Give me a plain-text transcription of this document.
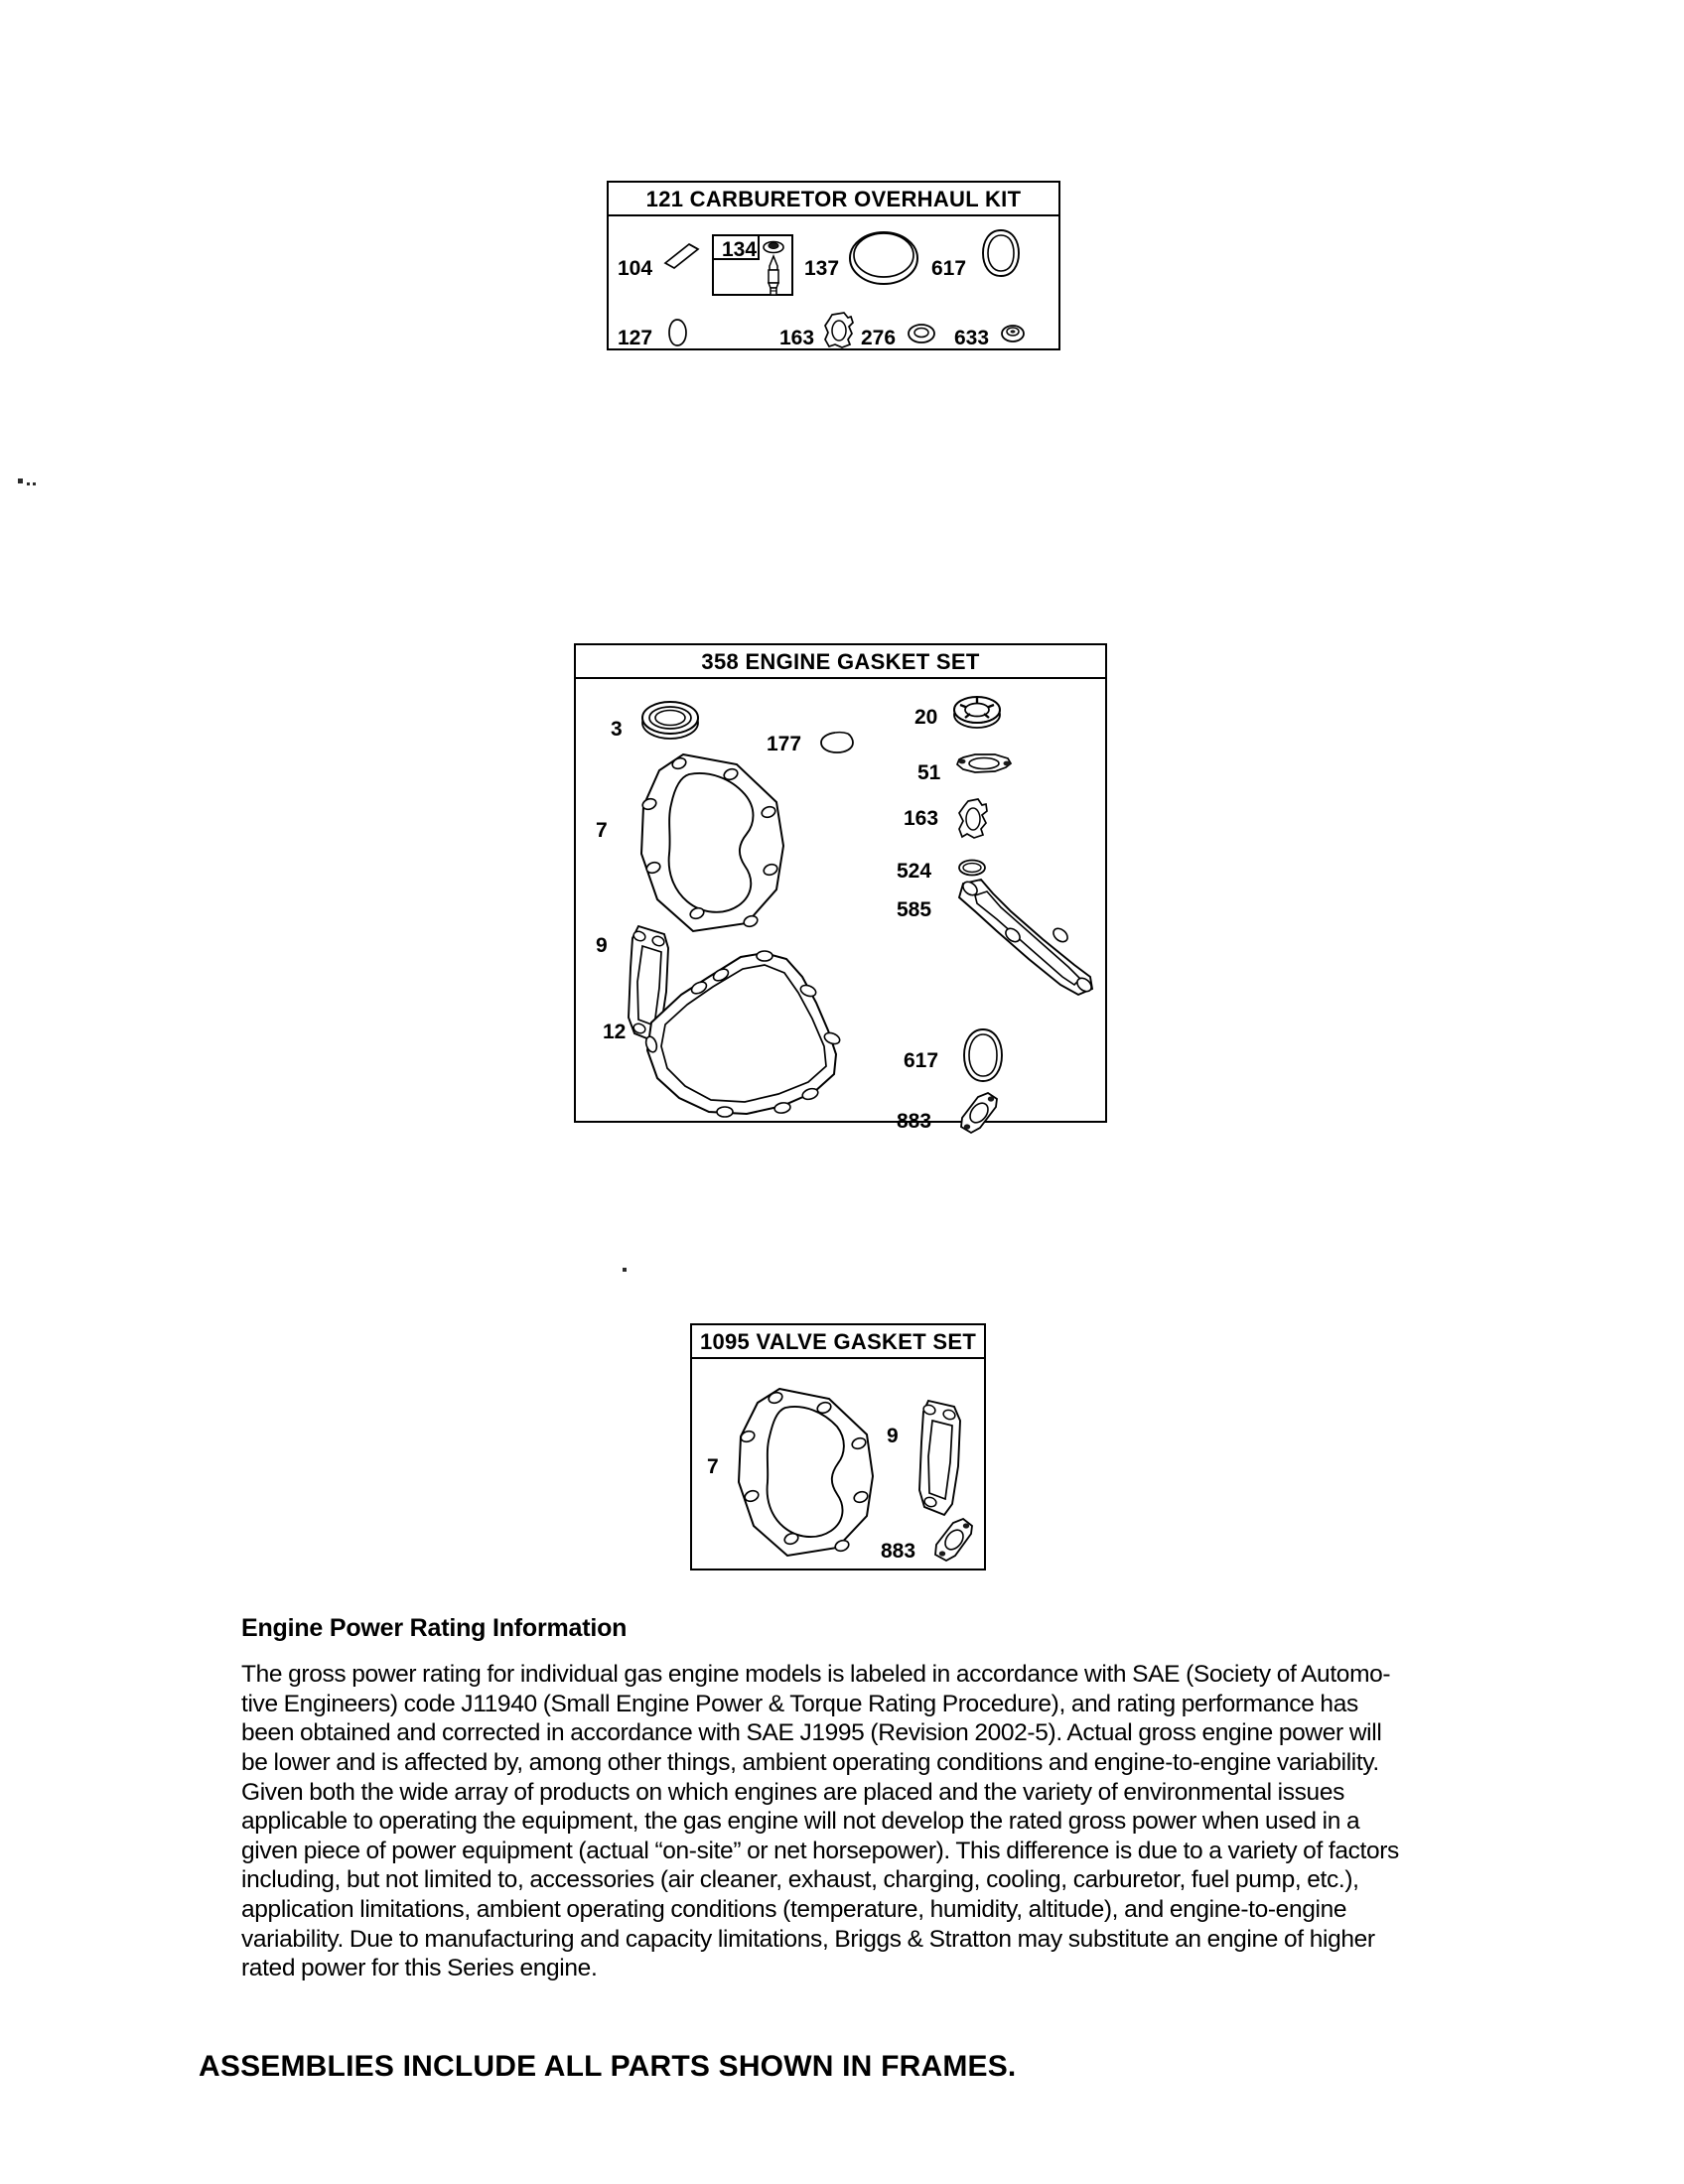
121 CARBURETOR OVERHAUL KIT
104
134
137	617
127	163 276	633
358 ENGINE GASKET SET
3
20
177
51
7
163
524
9
585
12
617
883
1095 VALVE GASKET SET
7
9
883

Engine Power Rating Information

The gross power rating for individual gas engine models is labeled in accordance with SAE (Society of Automo-tive Engineers) code J11940 (Small Engine Power & Torque Rating Procedure), and rating performance has been obtained and corrected in accordance with SAE J1995 (Revision 2002-5). Actual gross engine power will be lower and is affected by, among other things, ambient operating conditions and engine-to-engine variability. Given both the wide array of products on which engines are placed and the variety of environmental issues applicable to operating the equipment, the gas engine will not develop the rated gross power when used in a given piece of power equipment (actual “on-site” or net horsepower). This difference is due to a variety of factors including, but not limited to, accessories (air cleaner, exhaust, charging, cooling, carburetor, fuel pump, etc.), application limitations, ambient operating conditions (temperature, humidity, altitude), and engine-to-engine variability. Due to manufacturing and capacity limitations, Briggs & Stratton may substitute an engine of higher rated power for this Series engine.

ASSEMBLIES INCLUDE ALL PARTS SHOWN IN FRAMES.
